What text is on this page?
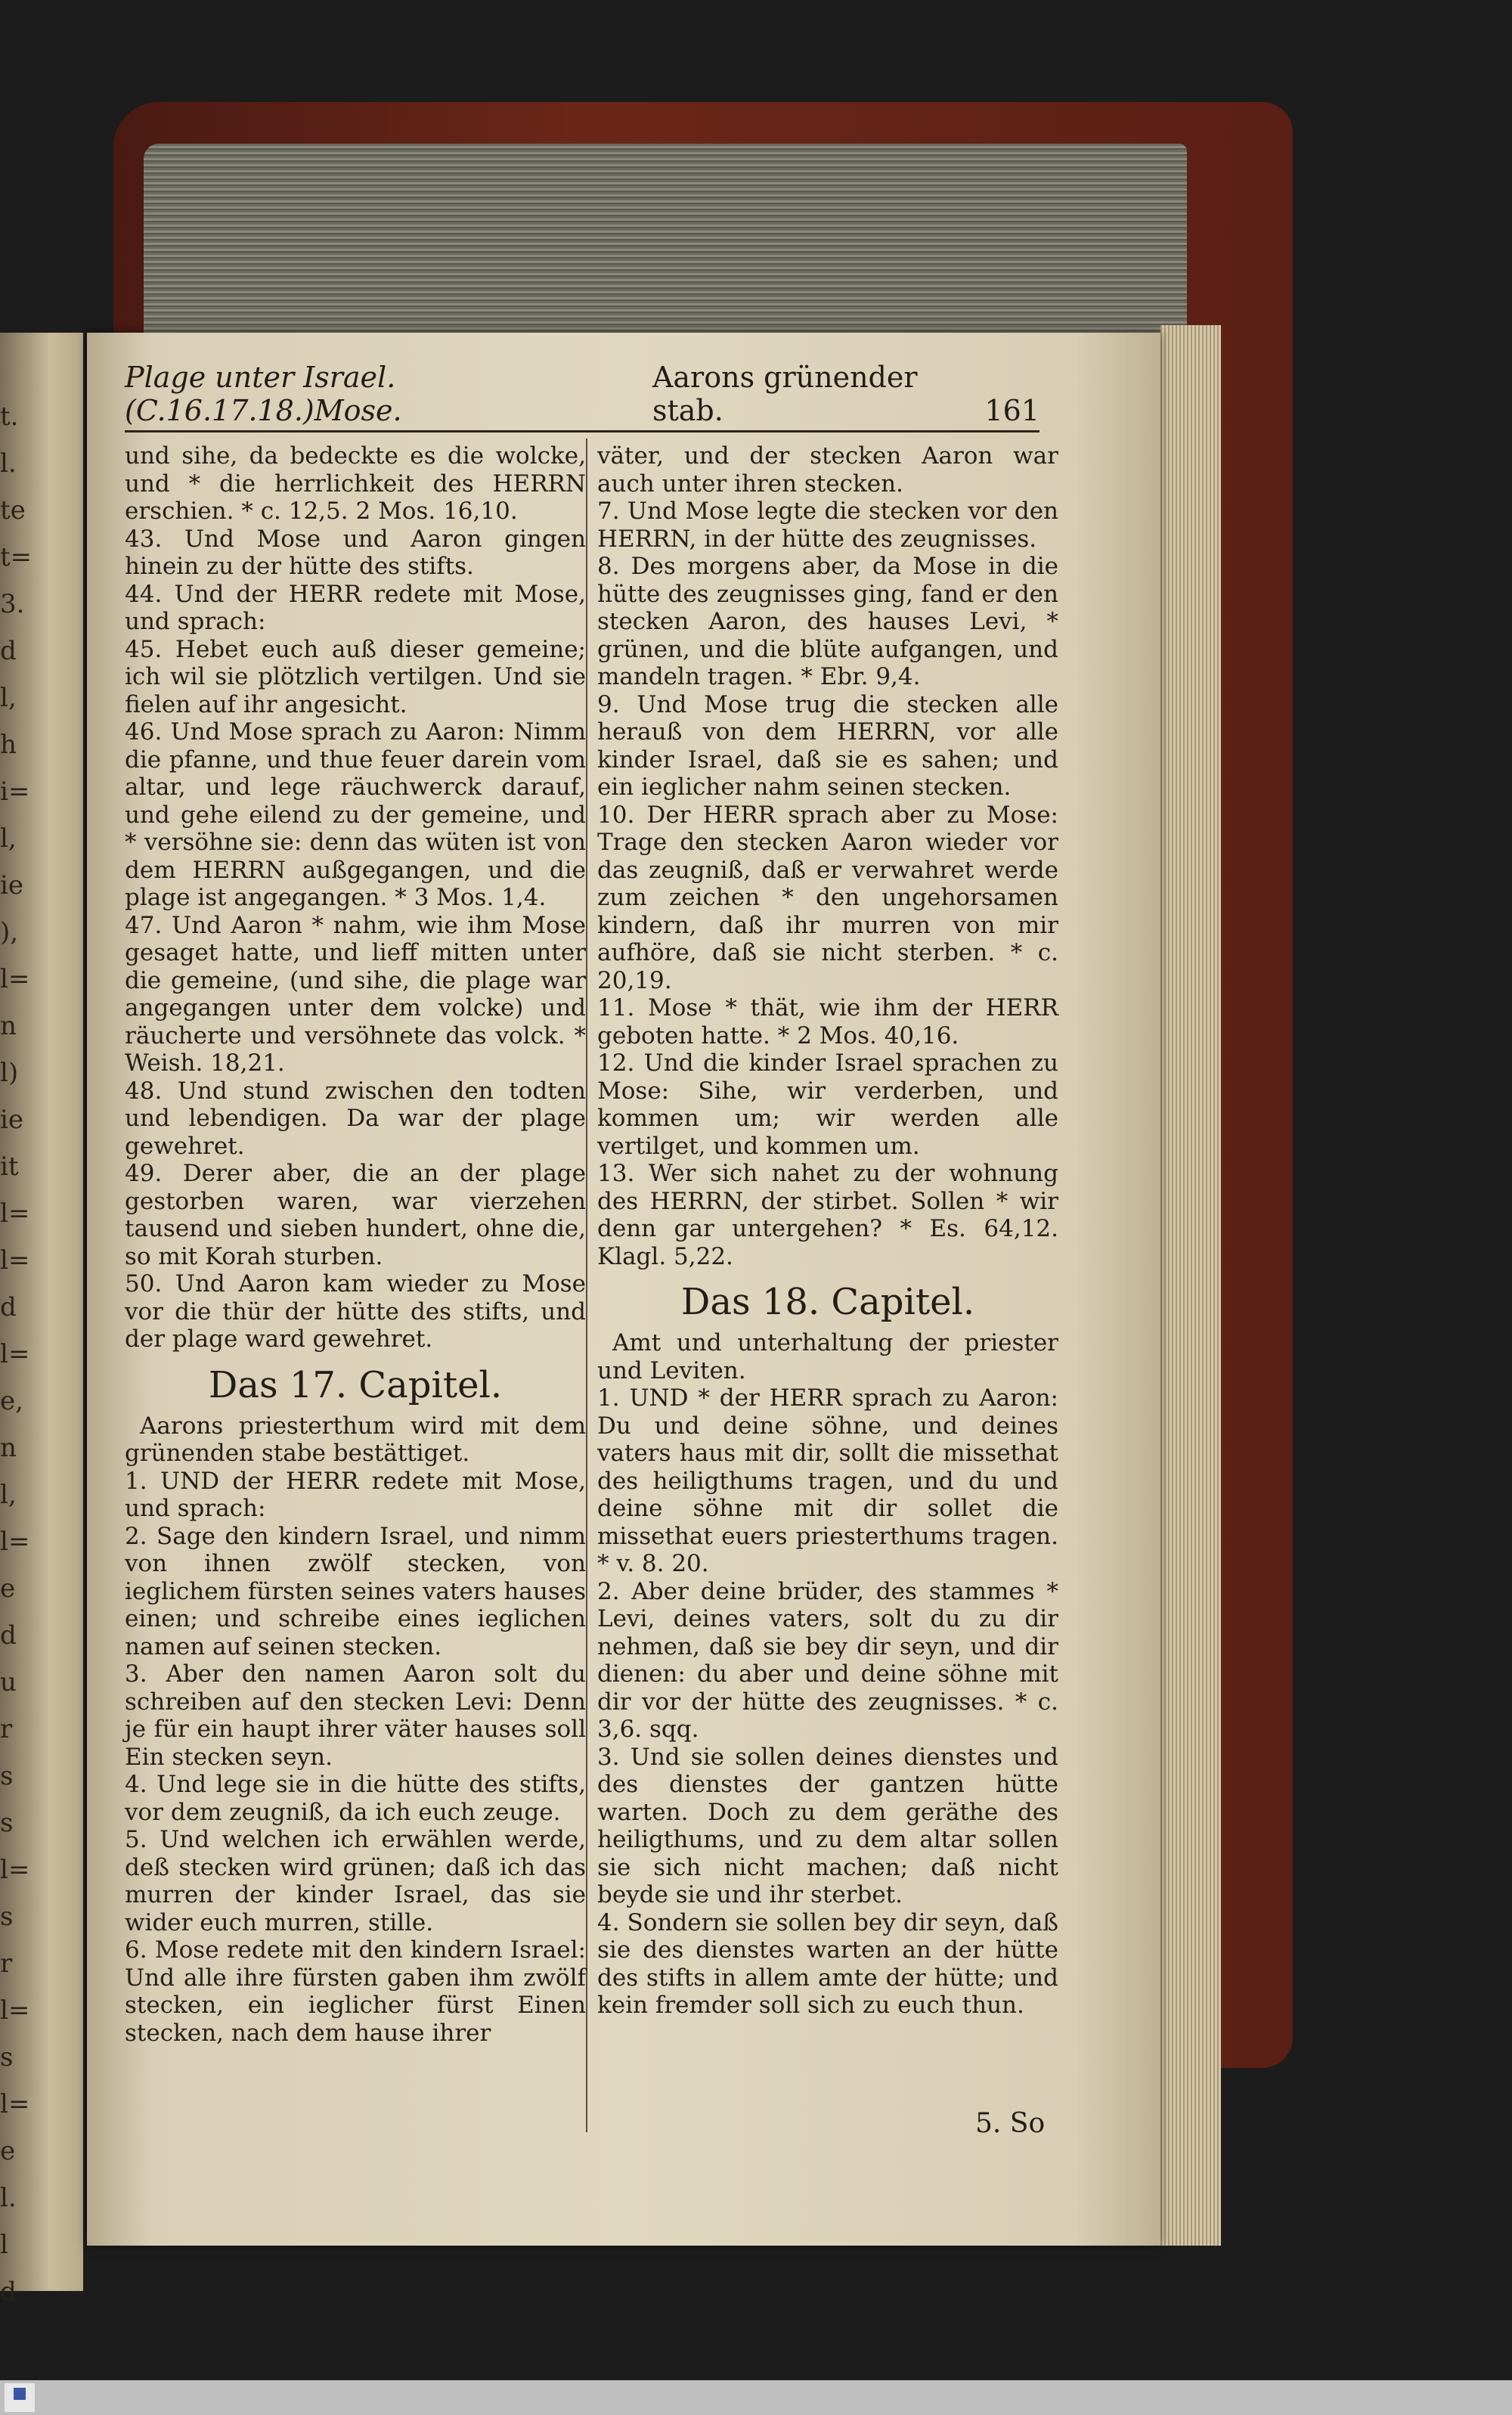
t.
l.
te
t=
3.
d
l,
h
i=
l,
ie
),
l=
n
l)
ie
it
l=
l=
d
l=
e,
n
l,
l=
e
d
u
r
s
s
l=
s
r
l=
s
l=
e
l.
l
d
Plage unter Israel.(C.16.17.18.)Mose.
Aarons grünender stab.	161

und sihe, da bedeckte es die wolcke, und * die herrlichkeit des HERRN erschien. * c. 12,5. 2 Mos. 16,10.

43. Und Mose und Aaron gingen hinein zu der hütte des stifts.

44. Und der HERR redete mit Mose, und sprach:

45. Hebet euch auß dieser gemeine; ich wil sie plötzlich vertilgen. Und sie fielen auf ihr angesicht.

46. Und Mose sprach zu Aaron: Nimm die pfanne, und thue feuer darein vom altar, und lege räuchwerck darauf, und gehe eilend zu der gemeine, und * versöhne sie: denn das wüten ist von dem HERRN außgegangen, und die plage ist angegangen. * 3 Mos. 1,4.

47. Und Aaron * nahm, wie ihm Mose gesaget hatte, und lieff mitten unter die gemeine, (und sihe, die plage war angegangen unter dem volcke) und räucherte und versöhnete das volck. * Weish. 18,21.

48. Und stund zwischen den todten und lebendigen. Da war der plage gewehret.

49. Derer aber, die an der plage gestorben waren, war vierzehen tausend und sieben hundert, ohne die, so mit Korah sturben.

50. Und Aaron kam wieder zu Mose vor die thür der hütte des stifts, und der plage ward gewehret.

Das 17. Capitel.

Aarons priesterthum wird mit dem grünenden stabe bestättiget.

1. UND der HERR redete mit Mose, und sprach:

2. Sage den kindern Israel, und nimm von ihnen zwölf stecken, von ieglichem fürsten seines vaters hauses einen; und schreibe eines ieglichen namen auf seinen stecken.

3. Aber den namen Aaron solt du schreiben auf den stecken Levi: Denn je für ein haupt ihrer väter hauses soll Ein stecken seyn.

4. Und lege sie in die hütte des stifts, vor dem zeugniß, da ich euch zeuge.

5. Und welchen ich erwählen werde, deß stecken wird grünen; daß ich das murren der kinder Israel, das sie wider euch murren, stille.

6. Mose redete mit den kindern Israel: Und alle ihre fürsten gaben ihm zwölf stecken, ein ieglicher fürst Einen stecken, nach dem hause ihrer

väter, und der stecken Aaron war auch unter ihren stecken.

7. Und Mose legte die stecken vor den HERRN, in der hütte des zeugnisses.

8. Des morgens aber, da Mose in die hütte des zeugnisses ging, fand er den stecken Aaron, des hauses Levi, * grünen, und die blüte aufgangen, und mandeln tragen. * Ebr. 9,4.

9. Und Mose trug die stecken alle herauß von dem HERRN, vor alle kinder Israel, daß sie es sahen; und ein ieglicher nahm seinen stecken.

10. Der HERR sprach aber zu Mose: Trage den stecken Aaron wieder vor das zeugniß, daß er verwahret werde zum zeichen * den ungehorsamen kindern, daß ihr murren von mir aufhöre, daß sie nicht sterben. * c. 20,19.

11. Mose * thät, wie ihm der HERR geboten hatte. * 2 Mos. 40,16.

12. Und die kinder Israel sprachen zu Mose: Sihe, wir verderben, und kommen um; wir werden alle vertilget, und kommen um.

13. Wer sich nahet zu der wohnung des HERRN, der stirbet. Sollen * wir denn gar untergehen? * Es. 64,12. Klagl. 5,22.

Das 18. Capitel.

Amt und unterhaltung der priester und Leviten.

1. UND * der HERR sprach zu Aaron: Du und deine söhne, und deines vaters haus mit dir, sollt die missethat des heiligthums tragen, und du und deine söhne mit dir sollet die missethat euers priesterthums tragen. * v. 8. 20.

2. Aber deine brüder, des stammes * Levi, deines vaters, solt du zu dir nehmen, daß sie bey dir seyn, und dir dienen: du aber und deine söhne mit dir vor der hütte des zeugnisses. * c. 3,6. sqq.

3. Und sie sollen deines dienstes und des dienstes der gantzen hütte warten. Doch zu dem geräthe des heiligthums, und zu dem altar sollen sie sich nicht machen; daß nicht beyde sie und ihr sterbet.

4. Sondern sie sollen bey dir seyn, daß sie des dienstes warten an der hütte des stifts in allem amte der hütte; und kein fremder soll sich zu euch thun.

5. So
